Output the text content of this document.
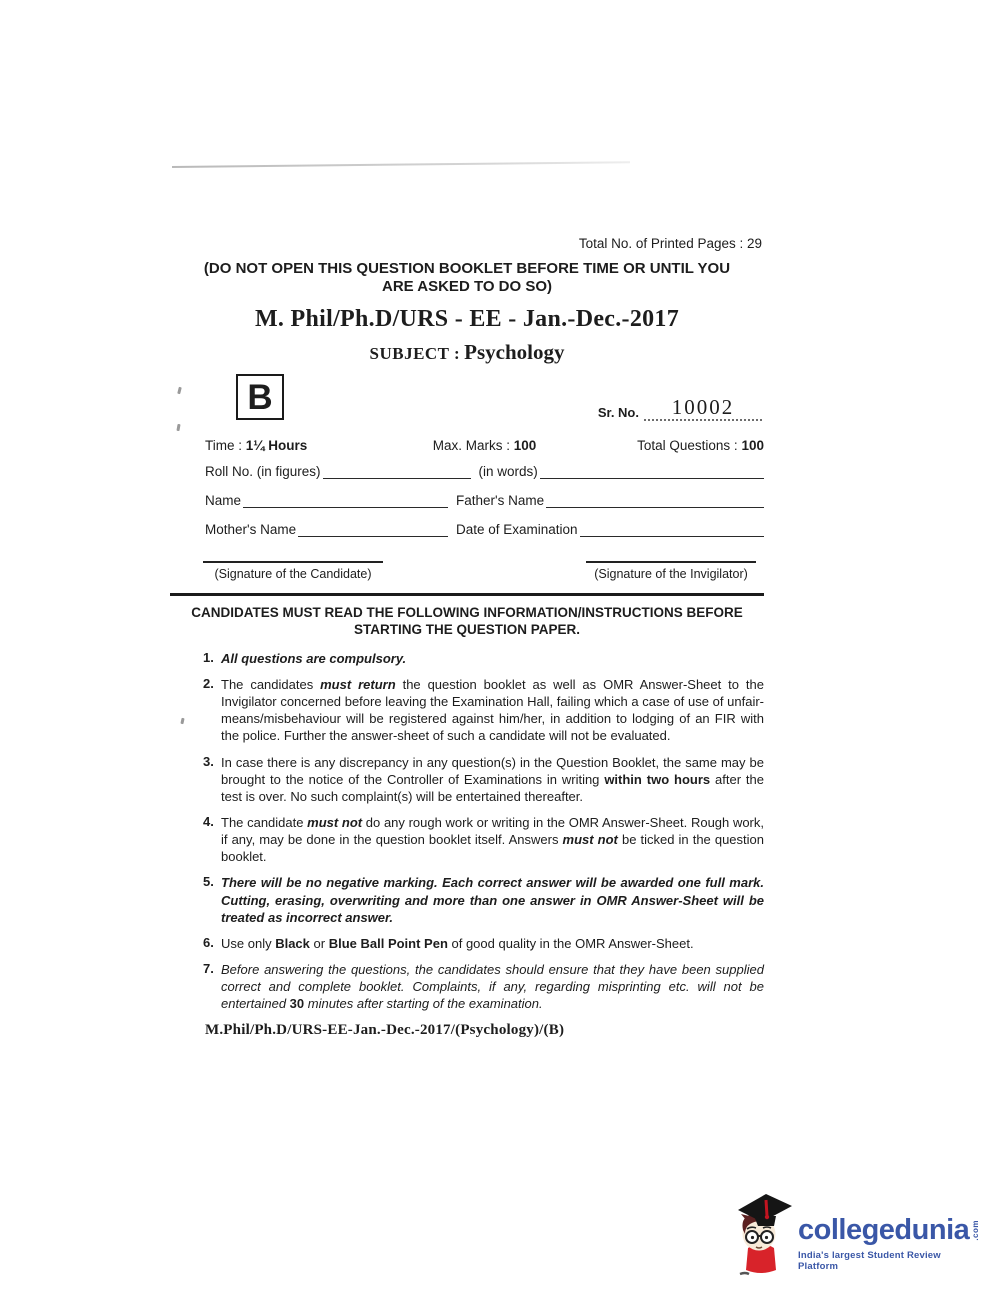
Total No. of Printed Pages : 29
(DO NOT OPEN THIS QUESTION BOOKLET BEFORE TIME OR UNTIL YOU
ARE ASKED TO DO SO)
M. Phil/Ph.D/URS - EE - Jan.-Dec.-2017
SUBJECT : Psychology
B	Sr. No.	10002
Time : 1¼ Hours	Max. Marks : 100	Total Questions : 100
Roll No. (in figures)	(in words)
Name	Father's Name
Mother's Name	Date of Examination
(Signature of the Candidate)	(Signature of the Invigilator)
CANDIDATES MUST READ THE FOLLOWING INFORMATION/INSTRUCTIONS BEFORE
STARTING THE QUESTION PAPER.
1. All questions are compulsory.
2. The candidates must return the question booklet as well as OMR Answer-Sheet to the Invigilator concerned before leaving the Examination Hall, failing which a case of use of unfair-means/misbehaviour will be registered against him/her, in addition to lodging of an FIR with the police. Further the answer-sheet of such a candidate will not be evaluated.
3. In case there is any discrepancy in any question(s) in the Question Booklet, the same may be brought to the notice of the Controller of Examinations in writing within two hours after the test is over. No such complaint(s) will be entertained thereafter.
4. The candidate must not do any rough work or writing in the OMR Answer-Sheet. Rough work, if any, may be done in the question booklet itself. Answers must not be ticked in the question booklet.
5. There will be no negative marking. Each correct answer will be awarded one full mark. Cutting, erasing, overwriting and more than one answer in OMR Answer-Sheet will be treated as incorrect answer.
6. Use only Black or Blue Ball Point Pen of good quality in the OMR Answer-Sheet.
7. Before answering the questions, the candidates should ensure that they have been supplied correct and complete booklet. Complaints, if any, regarding misprinting etc. will not be entertained 30 minutes after starting of the examination.
M.Phil/Ph.D/URS-EE-Jan.-Dec.-2017/(Psychology)/(B)
collegedunia .com
India's largest Student Review Platform
